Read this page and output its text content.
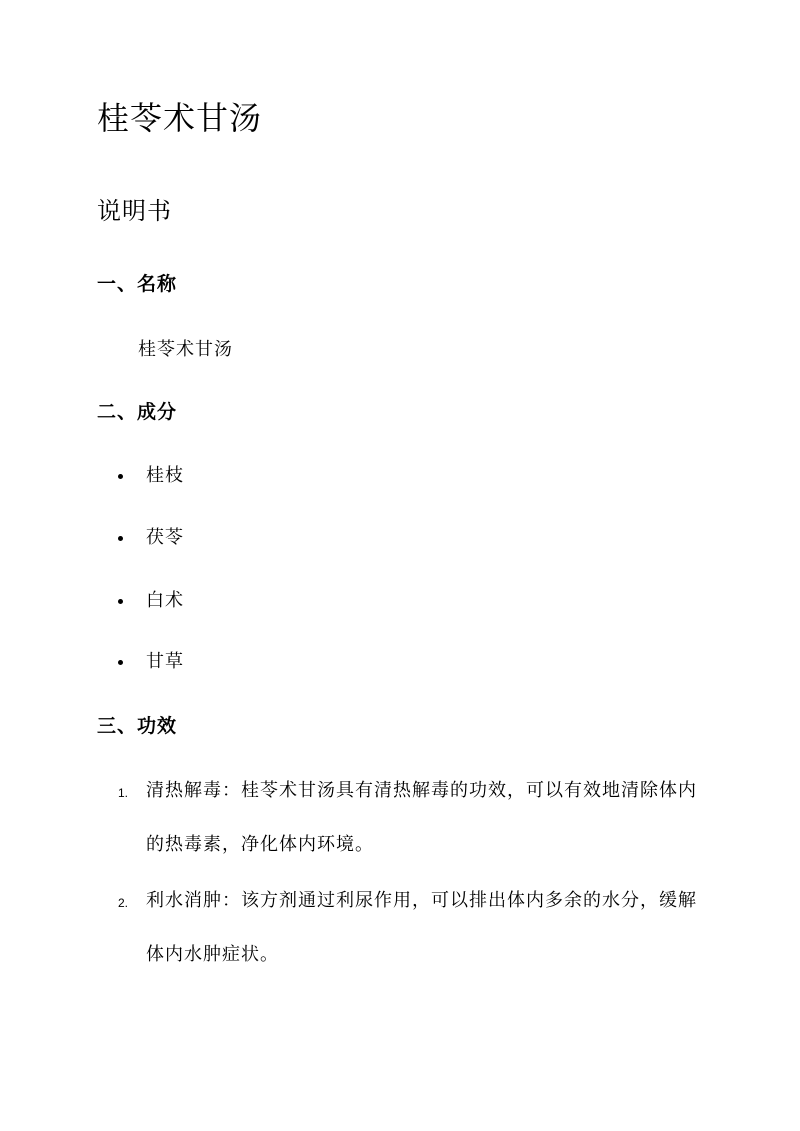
桂苓术甘汤
说明书
一、名称

桂苓术甘汤

二、成分
桂枝
茯苓
白术
甘草
三、功效
1. 清热解毒：桂苓术甘汤具有清热解毒的功效，可以有效地清除体内的热毒素，净化体内环境。
2. 利水消肿：该方剂通过利尿作用，可以排出体内多余的水分，缓解体内水肿症状。
